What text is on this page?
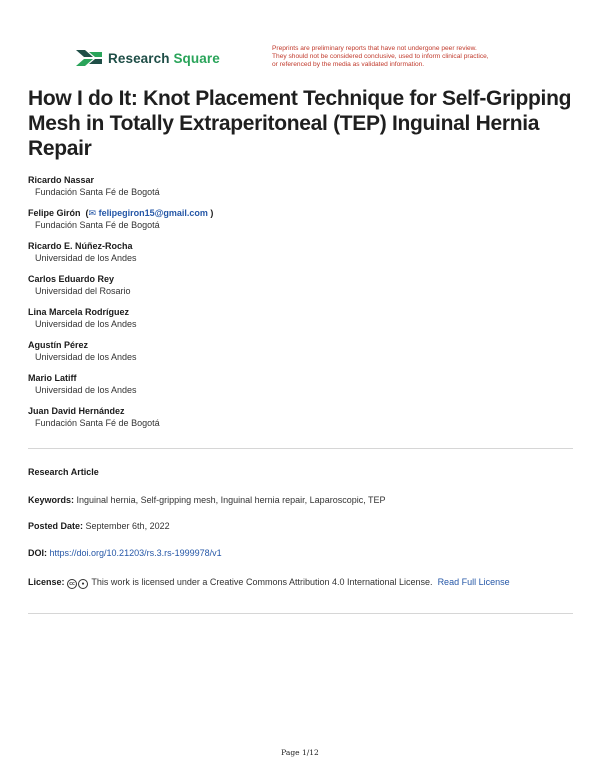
Research Square
Preprints are preliminary reports that have not undergone peer review.
They should not be considered conclusive, used to inform clinical practice,
or referenced by the media as validated information.
How I do It: Knot Placement Technique for Self-Gripping Mesh in Totally Extraperitoneal (TEP) Inguinal Hernia Repair
Ricardo Nassar
Fundación Santa Fé de Bogotá
Felipe Girón  (✉ felipegiron15@gmail.com )
Fundación Santa Fé de Bogotá
Ricardo E. Núñez-Rocha
Universidad de los Andes
Carlos Eduardo Rey
Universidad del Rosario
Lina Marcela Rodríguez
Universidad de los Andes
Agustín Pérez
Universidad de los Andes
Mario Latiff
Universidad de los Andes
Juan David Hernández
Fundación Santa Fé de Bogotá
Research Article
Keywords: Inguinal hernia, Self-gripping mesh, Inguinal hernia repair, Laparoscopic, TEP
Posted Date: September 6th, 2022
DOI: https://doi.org/10.21203/rs.3.rs-1999978/v1
License: cc ● This work is licensed under a Creative Commons Attribution 4.0 International License. Read Full License
Page 1/12
